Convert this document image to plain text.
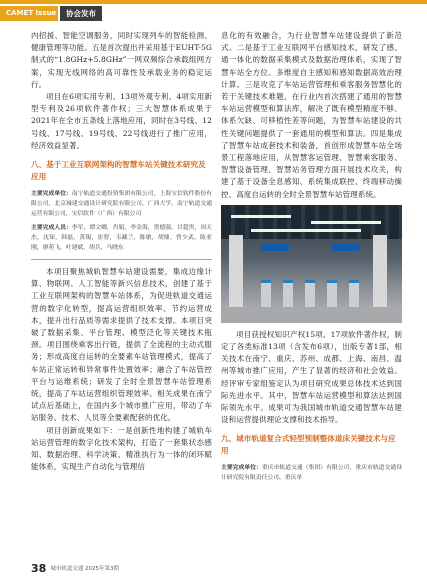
CAMET Issue	协会发布

内招援、智能空调服务，同时实现列车的智能检测、健康管理等功能。五是首次提出并采用基于EUHT-5G制式的“1.8GHz+5.8GHz”一网双频综合承载组网方案，实现无线网络的高可靠性及承载业务的稳定运行。

项目在6项实用专利、13项外观专利、4项实用新型专利及26项软件著作权；三大智慧体系成果于2021年在全市五条线上落地应用，同时在3号线、12号线、17号线、19号线、22号线进行了推广应用，经济效益显著。

八、基于工业互联网架构的智慧车站关键技术研究及应用
主要完成单位：南宁轨道交通投资集团有限公司，上海宝信软件股份有限公司，北京城建交通设计研究院有限公司，广西大学，南宁轨道交通运营有限公司，宝信软件（广西）有限公司
主要完成人员：李军，谭文卿，肖娟，李金海，贺德强，甘超贵，周天杰，沈琛，韩磊，黄锡，崔智，韦藏兰，陈敏，胡鼎，曾少武，陈亚刚，廖苑飞，叶建斌，胡兵，马晓东

本项目聚焦城轨智慧车站建设需要，集成边缘计算、物联网、人工智能等新兴信息技术，创建了基于工业互联网架构的智慧车站体系，为促进轨道交通运营的数字化转型，提高运营组织效率、节约运营成本，提升出行品质等需求提供了技术支撑。本项目突破了数据采集、平台管理、模型泛化等关键技术瓶颈。项目围绕乘客出行链，提供了全流程的主动式服务；形成高度自运转的全要素车站管理模式，提高了车站正常运转和异常事件处置效率；融合了车站管控平台与运维系统；研发了全时全景智慧车站管理系统，提高了车站运营组织管理效率。相关成果在南宁试点后基础上，在国内多个城市推广应用，带动了车站服务、技术、人员等全要素配套的优化。

项目创新成果如下：一是创新性地构建了城轨车站运营管理的数字化技术架构，打造了一套集状态感知、数据治理、科学决策、精准执行为一体的闭环赋能体系，实现生产自动化与管理信

息化的有效融合，为行业智慧车站建设提供了新范式。二是基于工业互联网平台感知技术，研发了感、通一体化的数据采集模式及数据治理体系，实现了智慧车站全方位、多维度自主感知和感知数据高效治理计算。三是攻克了车站运营管理和乘客服务智慧化的若干关键技术难题，在行业内首次搭建了通用的智慧车站运营模型和算法库，解决了既有模型精度不够、体系欠缺、可移植性差等问题，为智慧车站建设的共性关键问题提供了一套通用的模型和算法。四是集成了智慧车站成套技术和装备，首创形成智慧车站全场景工程落地应用，从智慧客运管理、智慧乘客服务、智慧设备管理、智慧站务管理方面开展技术攻关，构建了基于设备全息感知、系统集成联控、终端移动操控、高度自运转的全时全景智慧车站管理系统。

项目获授权知识产权15项、17项软件著作权，制定了各类标准13项（含发布6项），出版专著1部，相关技术在南宁、重庆、苏州、成都、上海、南昌、温州等城市推广应用，产生了显著的经济和社会效益。经评审专家组鉴定认为项目研究成果总体技术达到国际先进水平。其中，智慧车站运营模型和算法达到国际领先水平。成果可为我国城市轨道交通智慧车站建设和运营提供理论支撑和技术指导。

九、城市轨道复合式轻型预制整体道床关键技术与应用
主要完成单位：重庆市轨道交通（集团）有限公司，重庆市轨道交通设计研究院有限责任公司，重庆单
38 城市轨道交通 2025年第3期
